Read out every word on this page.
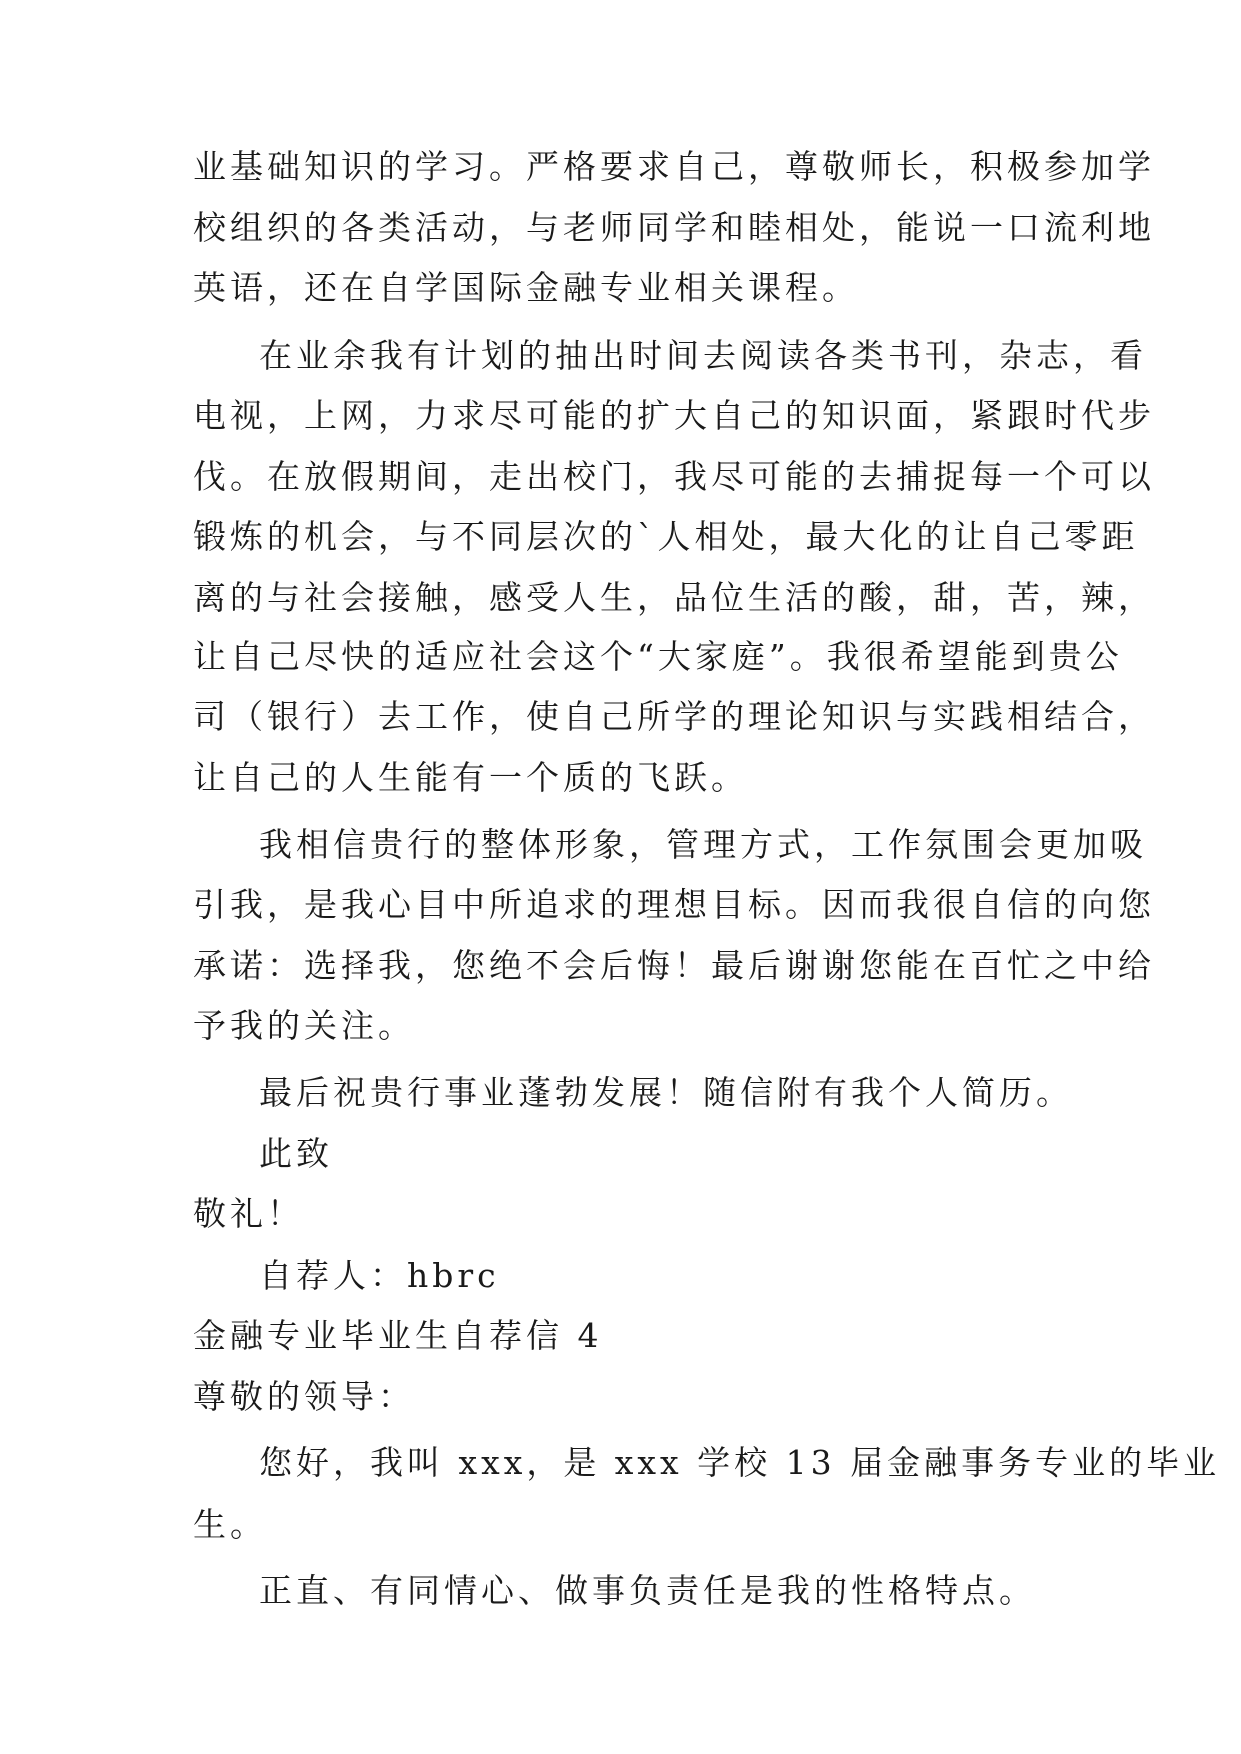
业基础知识的学习。严格要求自己，尊敬师长，积极参加学
校组织的各类活动，与老师同学和睦相处，能说一口流利地
英语，还在自学国际金融专业相关课程。
在业余我有计划的抽出时间去阅读各类书刊，杂志，看
电视，上网，力求尽可能的扩大自己的知识面，紧跟时代步
伐。在放假期间，走出校门，我尽可能的去捕捉每一个可以
锻炼的机会，与不同层次的`人相处，最大化的让自己零距
离的与社会接触，感受人生，品位生活的酸，甜，苦，辣，
让自己尽快的适应社会这个“大家庭”。我很希望能到贵公
司（银行）去工作，使自己所学的理论知识与实践相结合，
让自己的人生能有一个质的飞跃。
我相信贵行的整体形象，管理方式，工作氛围会更加吸
引我，是我心目中所追求的理想目标。因而我很自信的向您
承诺：选择我，您绝不会后悔！最后谢谢您能在百忙之中给
予我的关注。
最后祝贵行事业蓬勃发展！随信附有我个人简历。
此致
敬礼！
自荐人：hbrc
金融专业毕业生自荐信 4
尊敬的领导：
您好，我叫 xxx，是 xxx 学校 13 届金融事务专业的毕业
生。
正直、有同情心、做事负责任是我的性格特点。
